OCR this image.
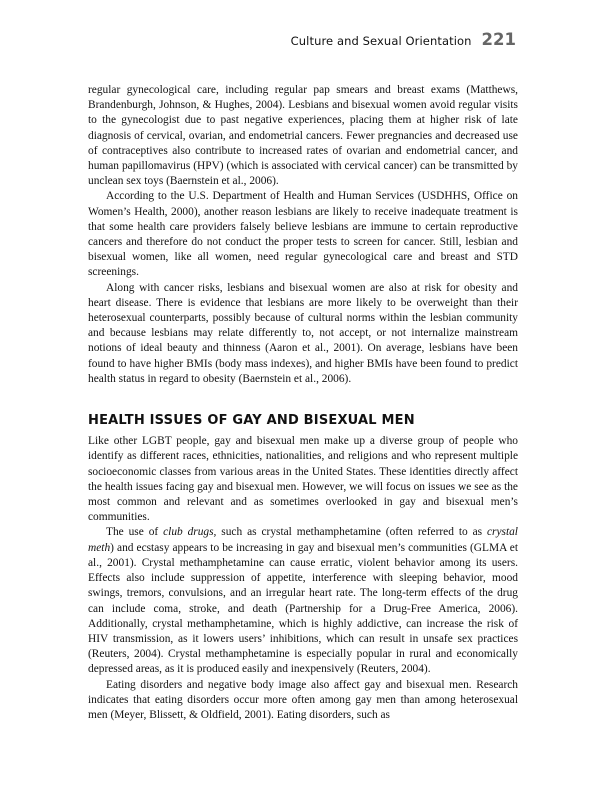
Culture and Sexual Orientation 221

regular gynecological care, including regular pap smears and breast exams (Matthews, Brandenburgh, Johnson, & Hughes, 2004). Lesbians and bisexual women avoid regular visits to the gynecologist due to past negative experiences, placing them at higher risk of late diagnosis of cervical, ovarian, and endometrial cancers. Fewer pregnancies and decreased use of contraceptives also contribute to increased rates of ovarian and endometrial cancer, and human papillomavirus (HPV) (which is associated with cervical cancer) can be transmitted by unclean sex toys (Baernstein et al., 2006).

According to the U.S. Department of Health and Human Services (USDHHS, Office on Women’s Health, 2000), another reason lesbians are likely to receive inadequate treatment is that some health care providers falsely believe lesbians are immune to certain reproductive cancers and therefore do not conduct the proper tests to screen for cancer. Still, lesbian and bisexual women, like all women, need regular gynecological care and breast and STD screenings.

Along with cancer risks, lesbians and bisexual women are also at risk for obesity and heart disease. There is evidence that lesbians are more likely to be overweight than their heterosexual counterparts, possibly because of cultural norms within the lesbian community and because lesbians may relate differently to, not accept, or not internalize mainstream notions of ideal beauty and thinness (Aaron et al., 2001). On average, lesbians have been found to have higher BMIs (body mass indexes), and higher BMIs have been found to predict health status in regard to obesity (Baernstein et al., 2006).

HEALTH ISSUES OF GAY AND BISEXUAL MEN

Like other LGBT people, gay and bisexual men make up a diverse group of people who identify as different races, ethnicities, nationalities, and religions and who represent multiple socioeconomic classes from various areas in the United States. These identities directly affect the health issues facing gay and bisexual men. However, we will focus on issues we see as the most common and relevant and as sometimes overlooked in gay and bisexual men’s communities.

The use of club drugs, such as crystal methamphetamine (often referred to as crystal meth) and ecstasy appears to be increasing in gay and bisexual men’s communities (GLMA et al., 2001). Crystal methamphetamine can cause erratic, violent behavior among its users. Effects also include suppression of appetite, interference with sleeping behavior, mood swings, tremors, convulsions, and an irregular heart rate. The long-term effects of the drug can include coma, stroke, and death (Partnership for a Drug-Free America, 2006). Additionally, crystal methamphetamine, which is highly addictive, can increase the risk of HIV transmission, as it lowers users’ inhibitions, which can result in unsafe sex practices (Reuters, 2004). Crystal methamphetamine is especially popular in rural and economically depressed areas, as it is produced easily and inexpensively (Reuters, 2004).

Eating disorders and negative body image also affect gay and bisexual men. Research indicates that eating disorders occur more often among gay men than among heterosexual men (Meyer, Blissett, & Oldfield, 2001). Eating disorders, such as
